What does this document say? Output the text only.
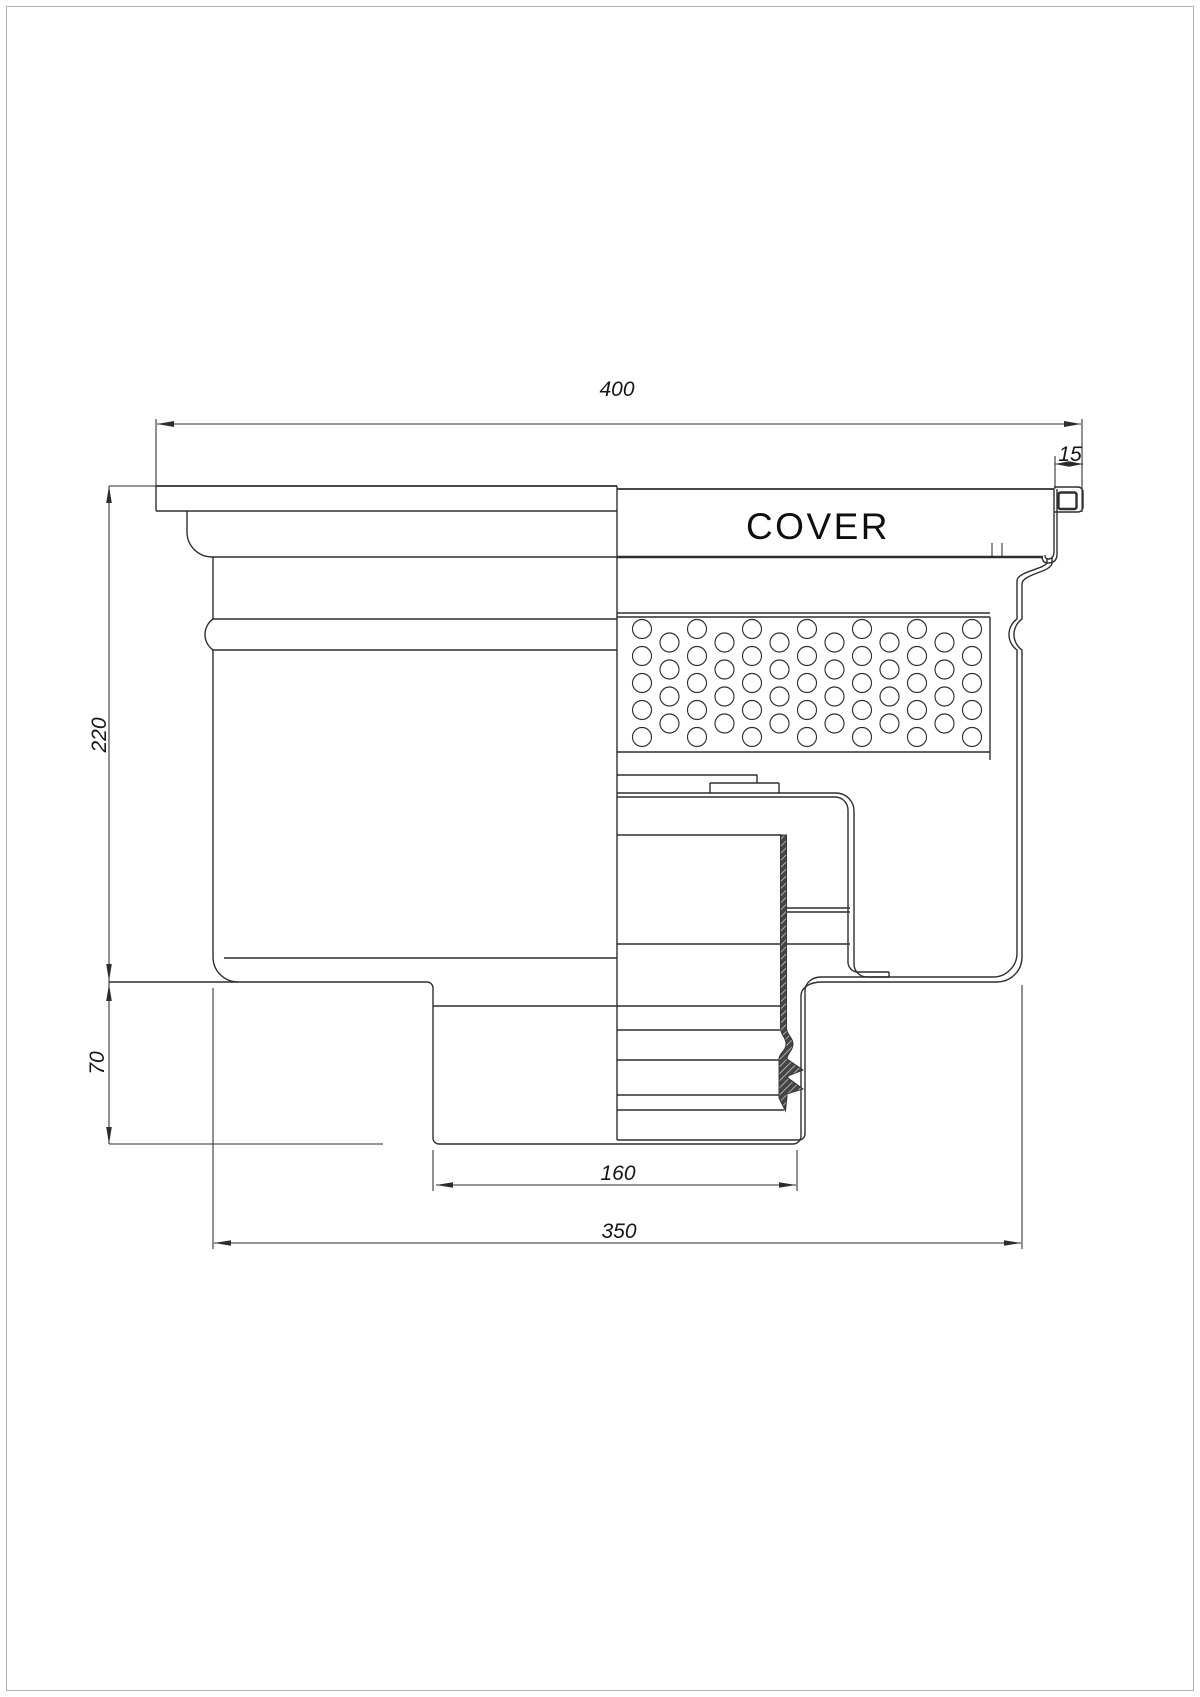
COVER
400
15
220
70
160
350
